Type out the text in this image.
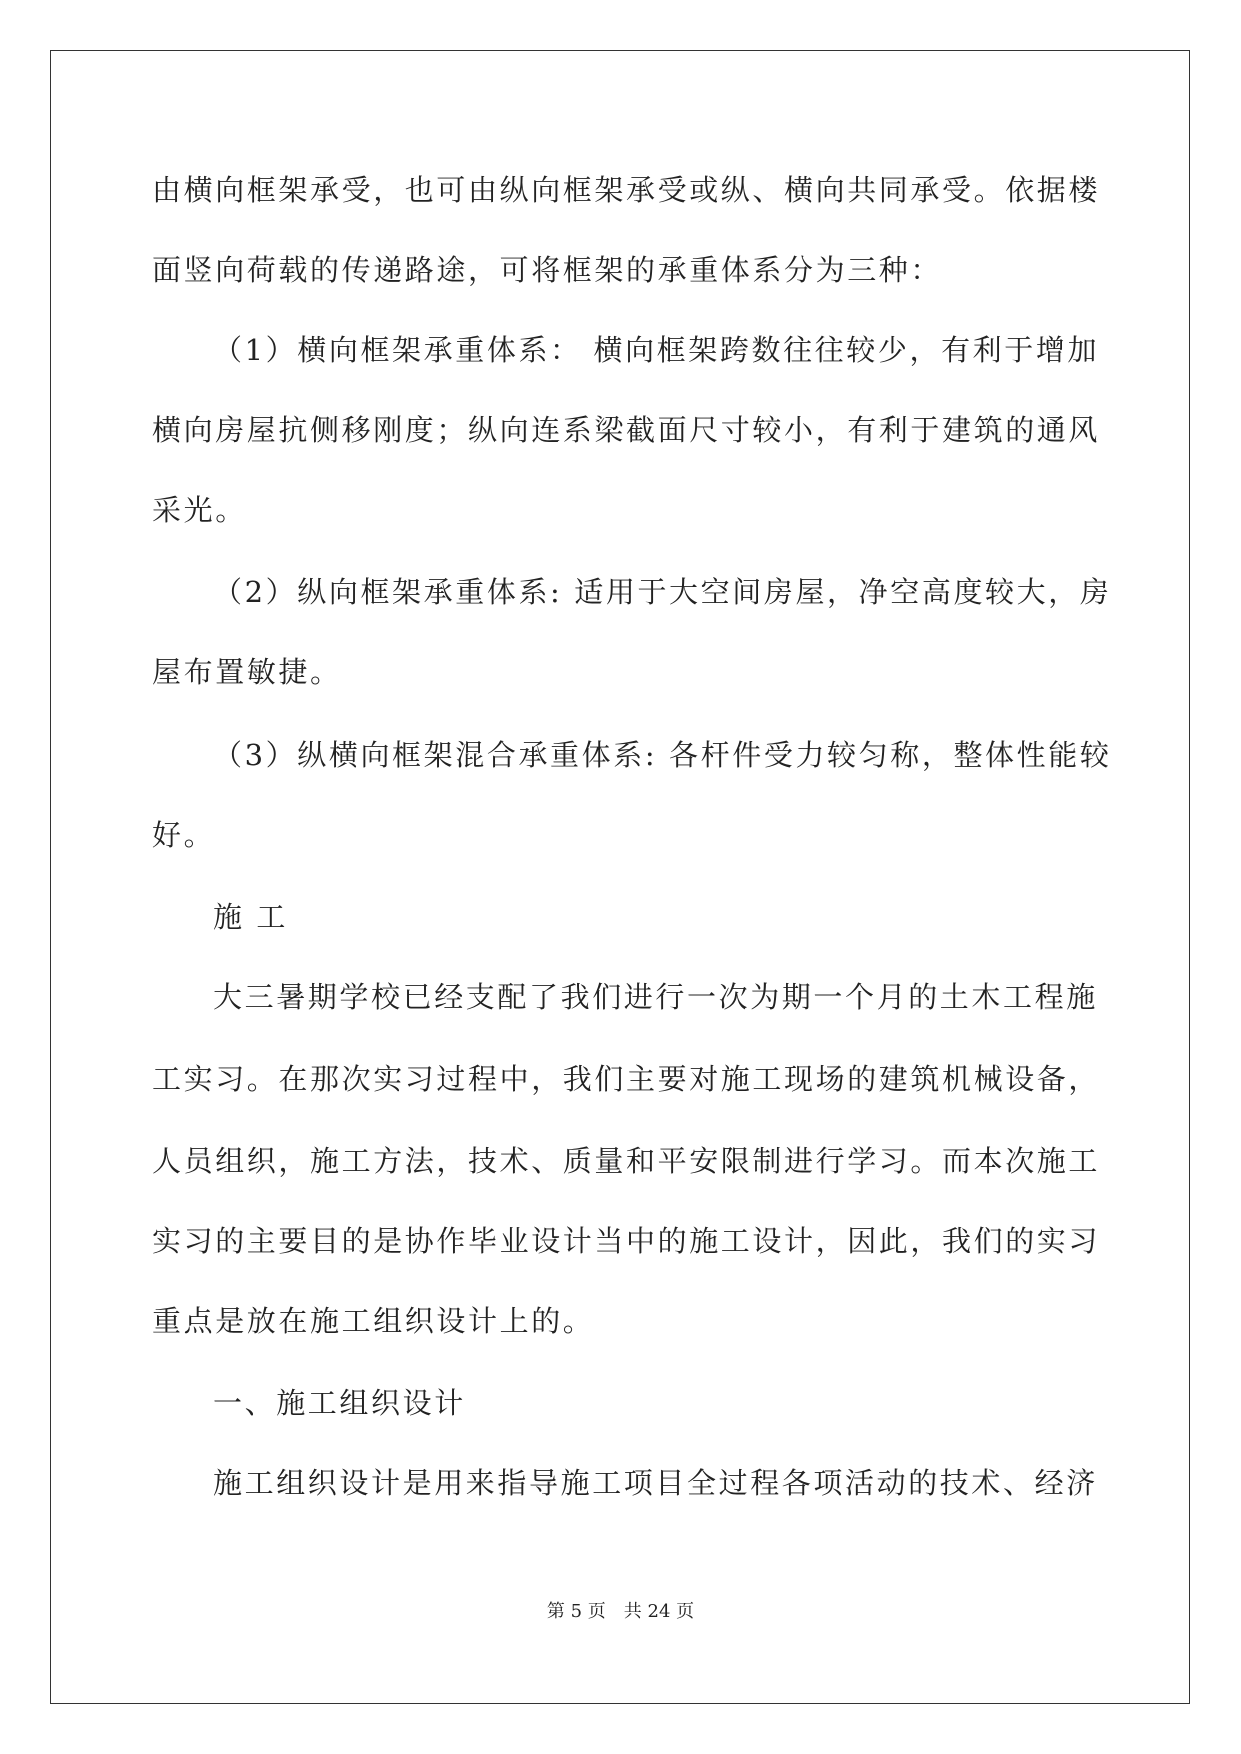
由横向框架承受，也可由纵向框架承受或纵、横向共同承受。依据楼
面竖向荷载的传递路途，可将框架的承重体系分为三种：
（1）横向框架承重体系： 横向框架跨数往往较少，有利于增加
横向房屋抗侧移刚度；纵向连系梁截面尺寸较小，有利于建筑的通风
采光。
（2）纵向框架承重体系: 适用于大空间房屋，净空高度较大，房
屋布置敏捷。
（3）纵横向框架混合承重体系: 各杆件受力较匀称，整体性能较
好。
施 工
大三暑期学校已经支配了我们进行一次为期一个月的土木工程施
工实习。在那次实习过程中，我们主要对施工现场的建筑机械设备，
人员组织，施工方法，技术、质量和平安限制进行学习。而本次施工
实习的主要目的是协作毕业设计当中的施工设计，因此，我们的实习
重点是放在施工组织设计上的。
一、施工组织设计
施工组织设计是用来指导施工项目全过程各项活动的技术、经济
第 5 页 共 24 页
